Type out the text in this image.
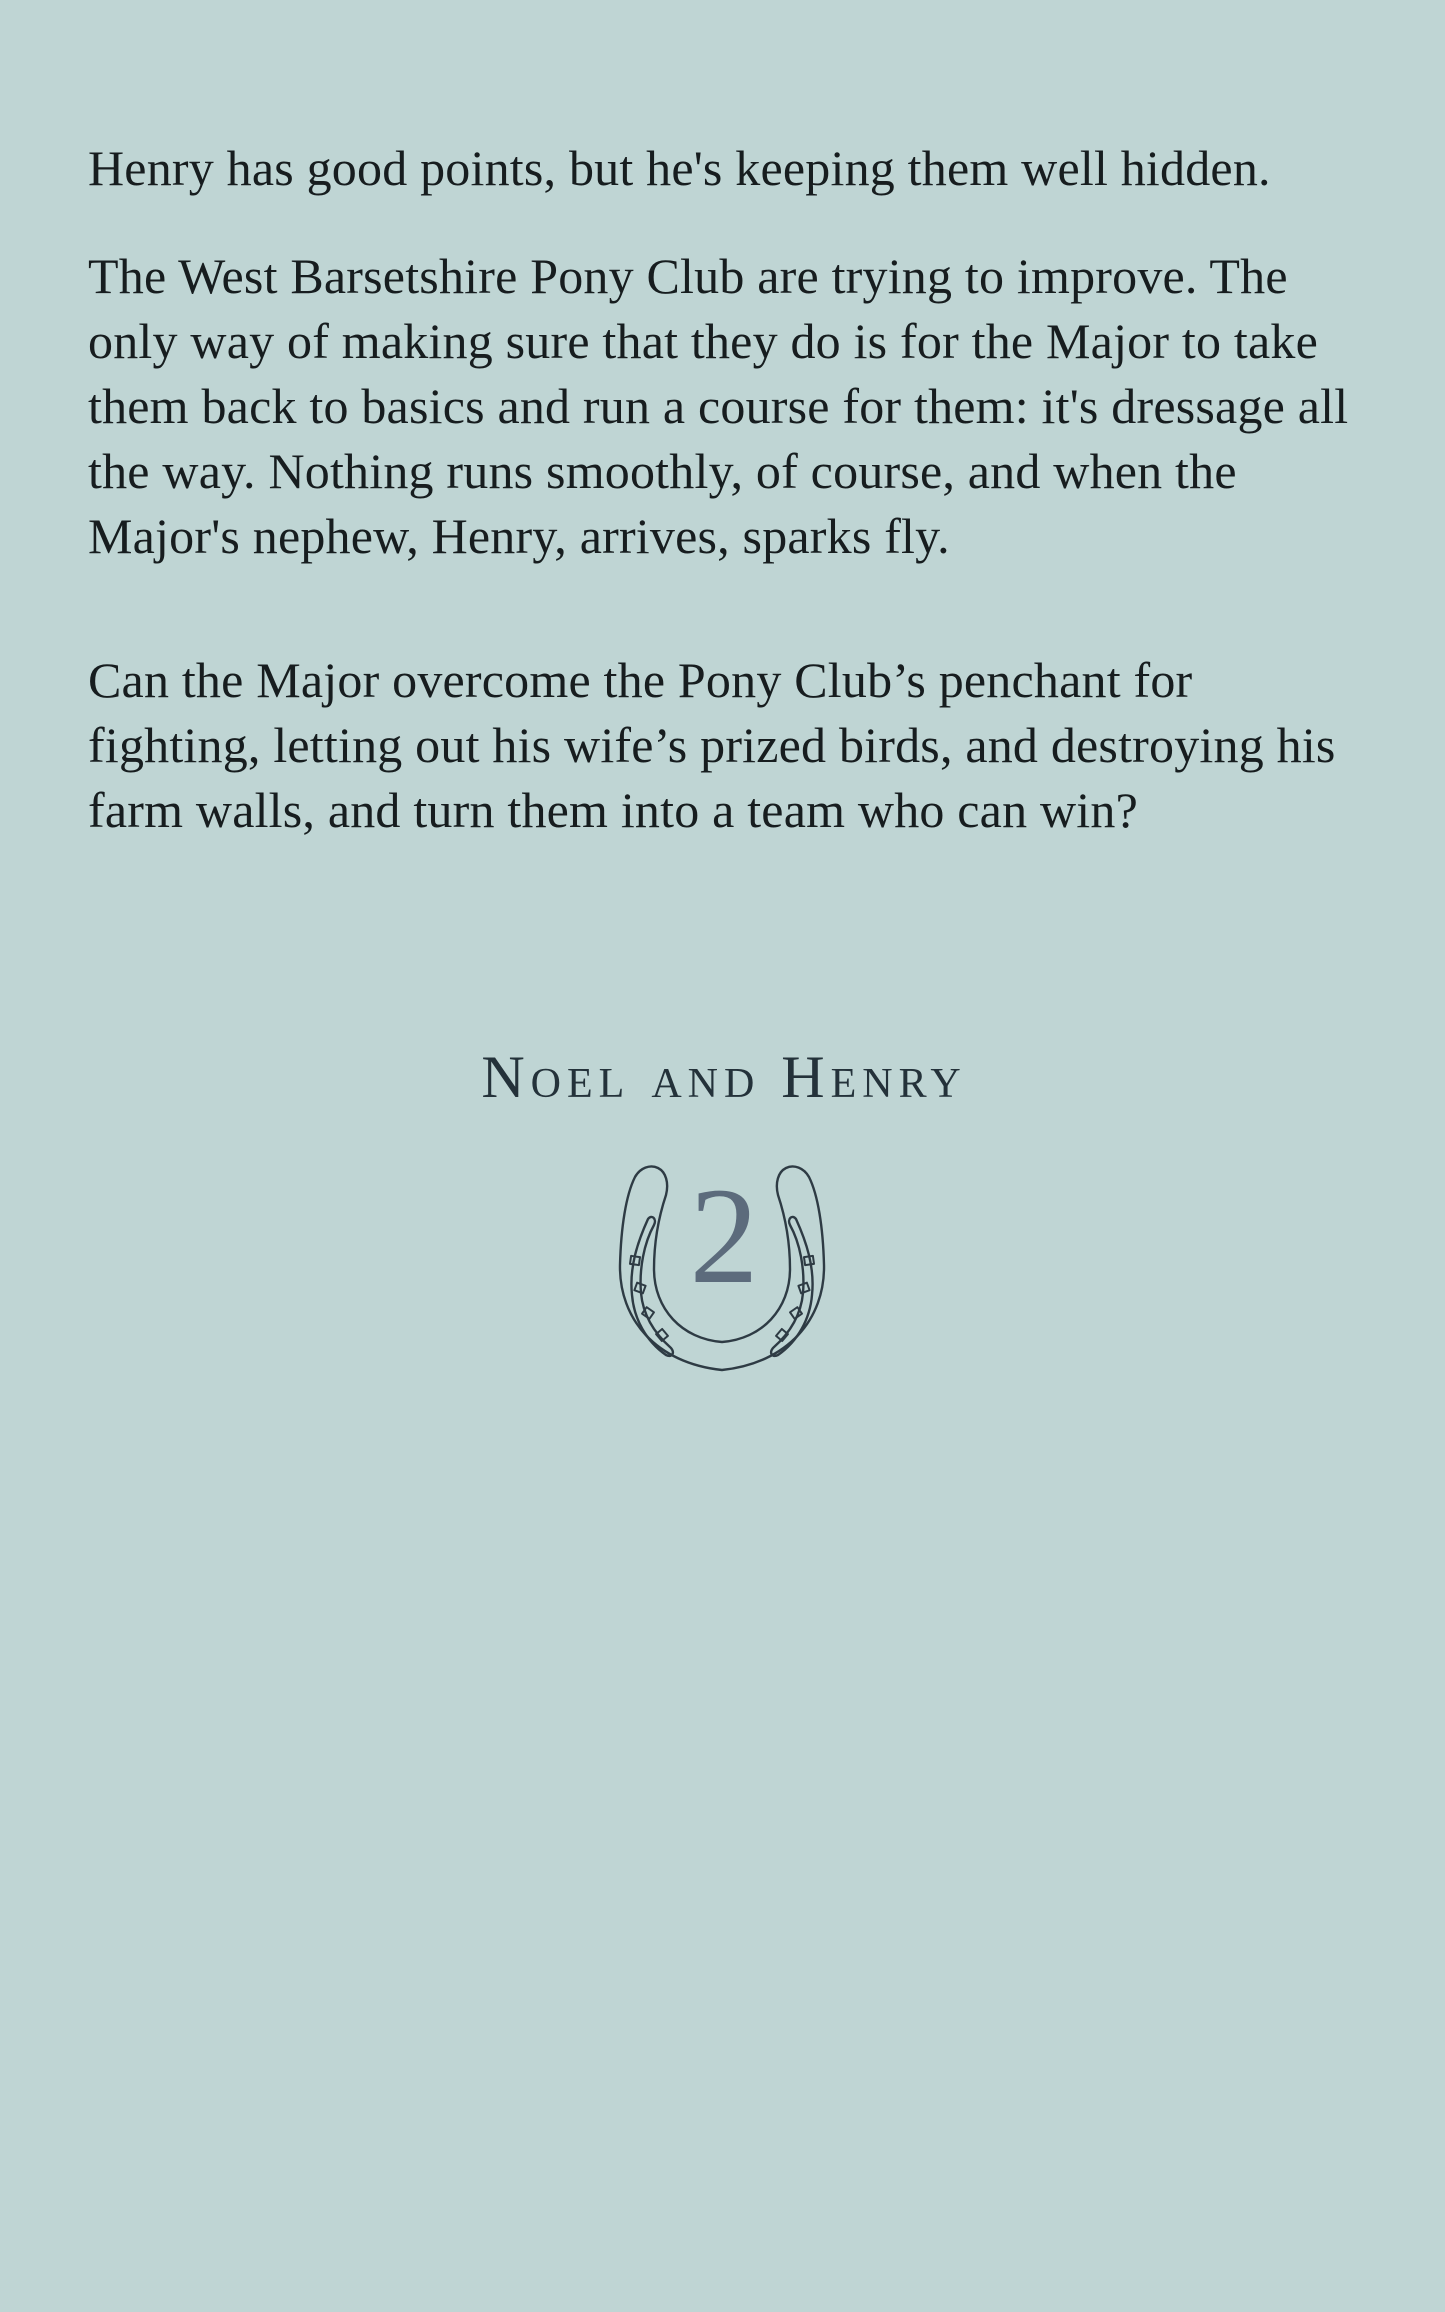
Henry has good points, but he's keeping them well hidden.

The West Barsetshire Pony Club are trying to improve. The only way of making sure that they do is for the Major to take them back to basics and run a course for them: it's dressage all the way. Nothing runs smoothly, of course, and when the Major's nephew, Henry, arrives, sparks fly.

Can the Major overcome the Pony Club’s penchant for fighting, letting out his wife’s prized birds, and destroying his farm walls, and turn them into a team who can win?

Noel and Henry
2
